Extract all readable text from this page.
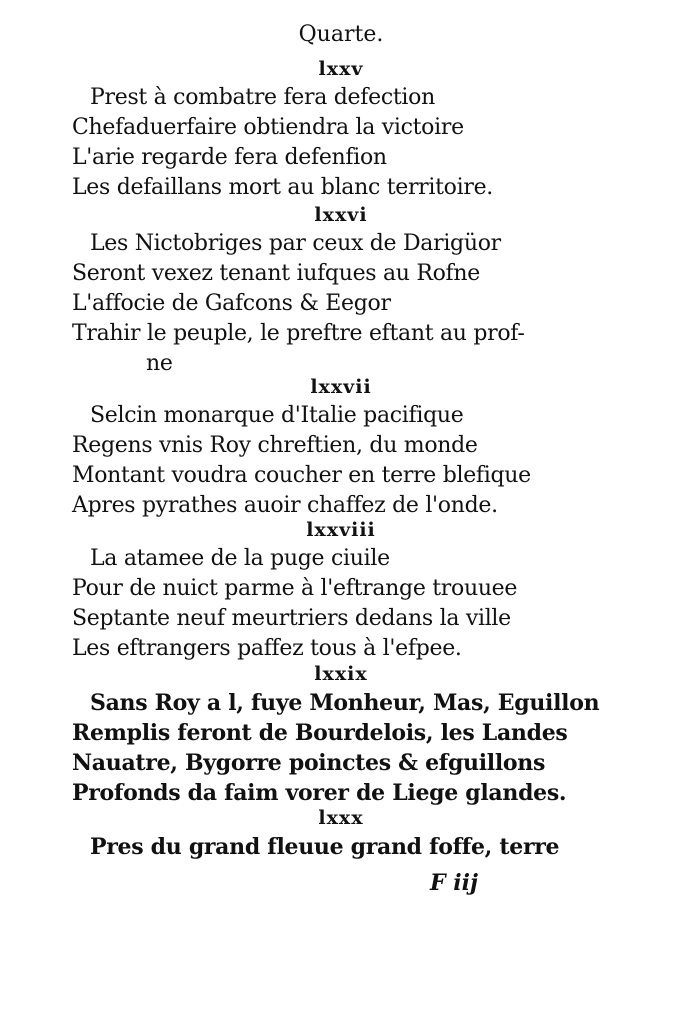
Quarte.
lxxv
Prest à combatre fera defection
Chefaduerfaire obtiendra la victoire
L'arie regarde fera defenfion
Les defaillans mort au blanc territoire.
lxxvi
Les Nictobriges par ceux de Darigüor
Seront vexez tenant iufques au Rofne
L'affocie de Gafcons & Eegor
Trahir le peuple, le preftre eftant au prof-
ne
lxxvii
Selcin monarque d'Italie pacifique
Regens vnis Roy chreftien, du monde
Montant voudra coucher en terre blefique
Apres pyrathes auoir chaffez de l'onde.
lxxviii
La atamee de la puge ciuile
Pour de nuict parme à l'eftrange trouuee
Septante neuf meurtriers dedans la ville
Les eftrangers paffez tous à l'efpee.
lxxix
Sans Roy a l, fuye Monheur, Mas, Eguillon
Remplis feront de Bourdelois, les Landes
Nauatre, Bygorre poinctes & efguillons
Profonds da faim vorer de Liege glandes.
lxxx
Pres du grand fleuue grand foffe, terre
F iij
